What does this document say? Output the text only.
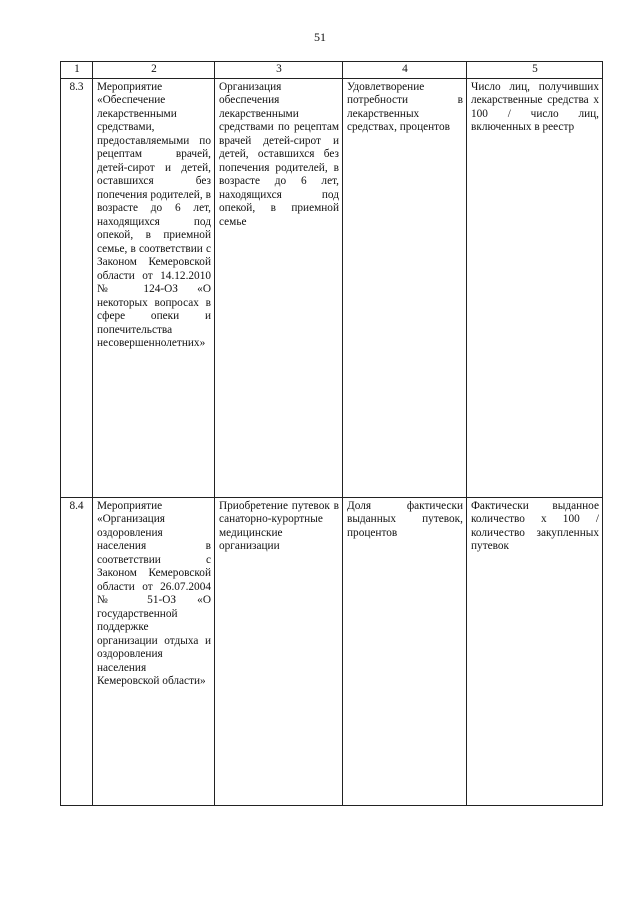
51
1	2	3	4	5
8.3	Мероприятие «Обеспечение лекарственными средствами, предоставляемыми по рецептам врачей, детей-сирот и детей, оставшихся без попечения родителей, в возрасте до 6 лет, находящихся под опекой, в приемной семье, в соответствии с Законом Кемеровской области от 14.12.2010 № 124-ОЗ «О некоторых вопросах в сфере опеки и попечительства несовершеннолетних»	Организация обеспечения лекарственными средствами по рецептам врачей детей-сирот и детей, оставшихся без попечения родителей, в возрасте до 6 лет, находящихся под опекой, в приемной семье	Удовлетворение потребности в лекарственных средствах, процентов	Число лиц, получивших лекарственные средства х 100 / число лиц, включенных в реестр
8.4	Мероприятие «Организация оздоровления населения в соответствии с Законом Кемеровской области от 26.07.2004 № 51-ОЗ «О государственной поддержке организации отдыха и оздоровления населения Кемеровской области»	Приобретение путевок в санаторно-курортные медицинские организации	Доля фактически выданных путевок, процентов	Фактически выданное количество х 100 / количество закупленных путевок
